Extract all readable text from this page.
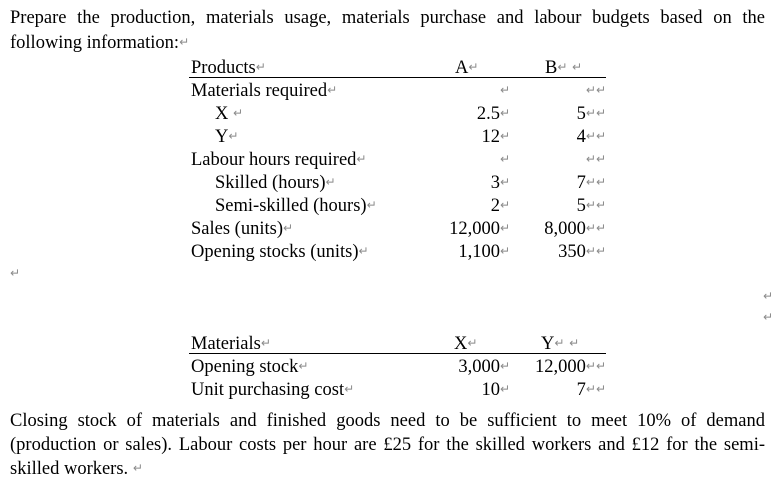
Prepare the production, materials usage, materials purchase and labour budgets based on the following information:↵
Products↵	A↵	B↵ ↵
Materials required↵	↵	↵↵
X ↵	2.5↵	5↵↵
Y↵	12↵	4↵↵
Labour hours required↵	↵	↵↵
Skilled (hours)↵	3↵	7↵↵
Semi-skilled (hours)↵	2↵	5↵↵
Sales (units)↵	12,000↵	8,000↵↵
Opening stocks (units)↵	1,100↵	350↵↵
↵
↵
↵
Materials↵	X↵	Y↵ ↵
Opening stock↵	3,000↵	12,000↵↵
Unit purchasing cost↵	10↵	7↵↵
Closing stock of materials and finished goods need to be sufficient to meet 10% of demand (production or sales). Labour costs per hour are £25 for the skilled workers and £12 for the semi-skilled workers. ↵
